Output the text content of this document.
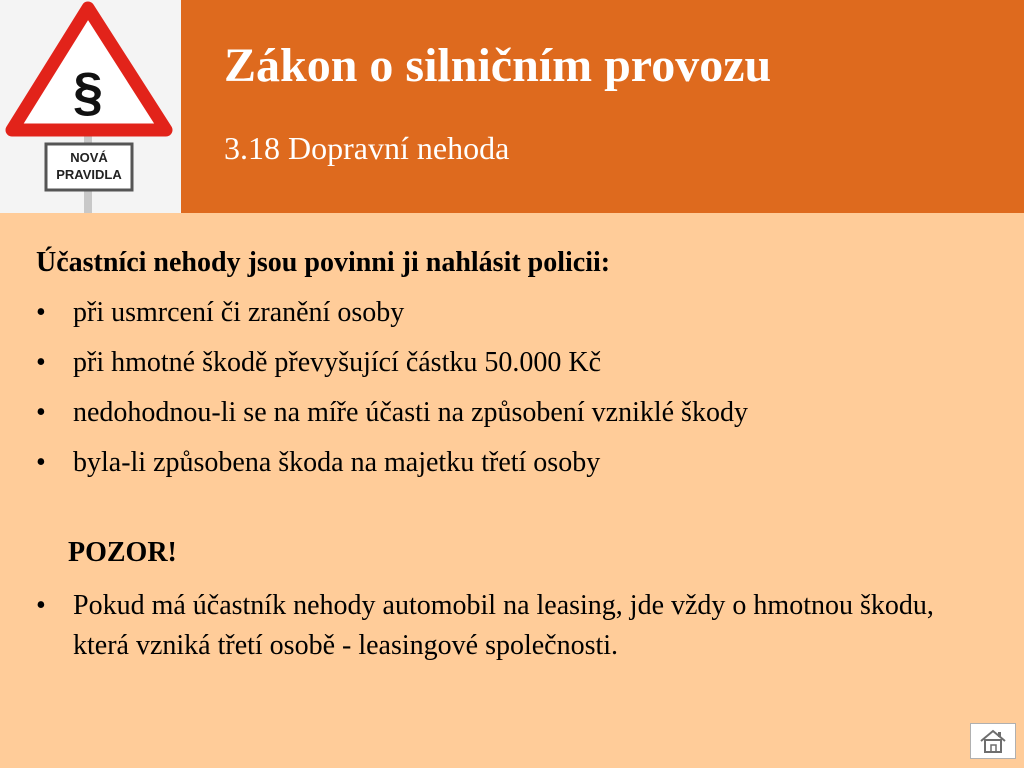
§
NOVÁ
PRAVIDLA
Zákon o silničním provozu
3.18 Dopravní nehoda
Účastníci nehody jsou povinni ji nahlásit policii:
• při usmrcení či zranění osoby
• při hmotné škodě převyšující částku 50.000 Kč
• nedohodnou-li se na míře účasti na způsobení vzniklé škody
• byla-li způsobena škoda na majetku třetí osoby
POZOR!
• Pokud má účastník nehody automobil na leasing, jde vždy o hmotnou škodu, která vzniká třetí osobě - leasingové společnosti.
